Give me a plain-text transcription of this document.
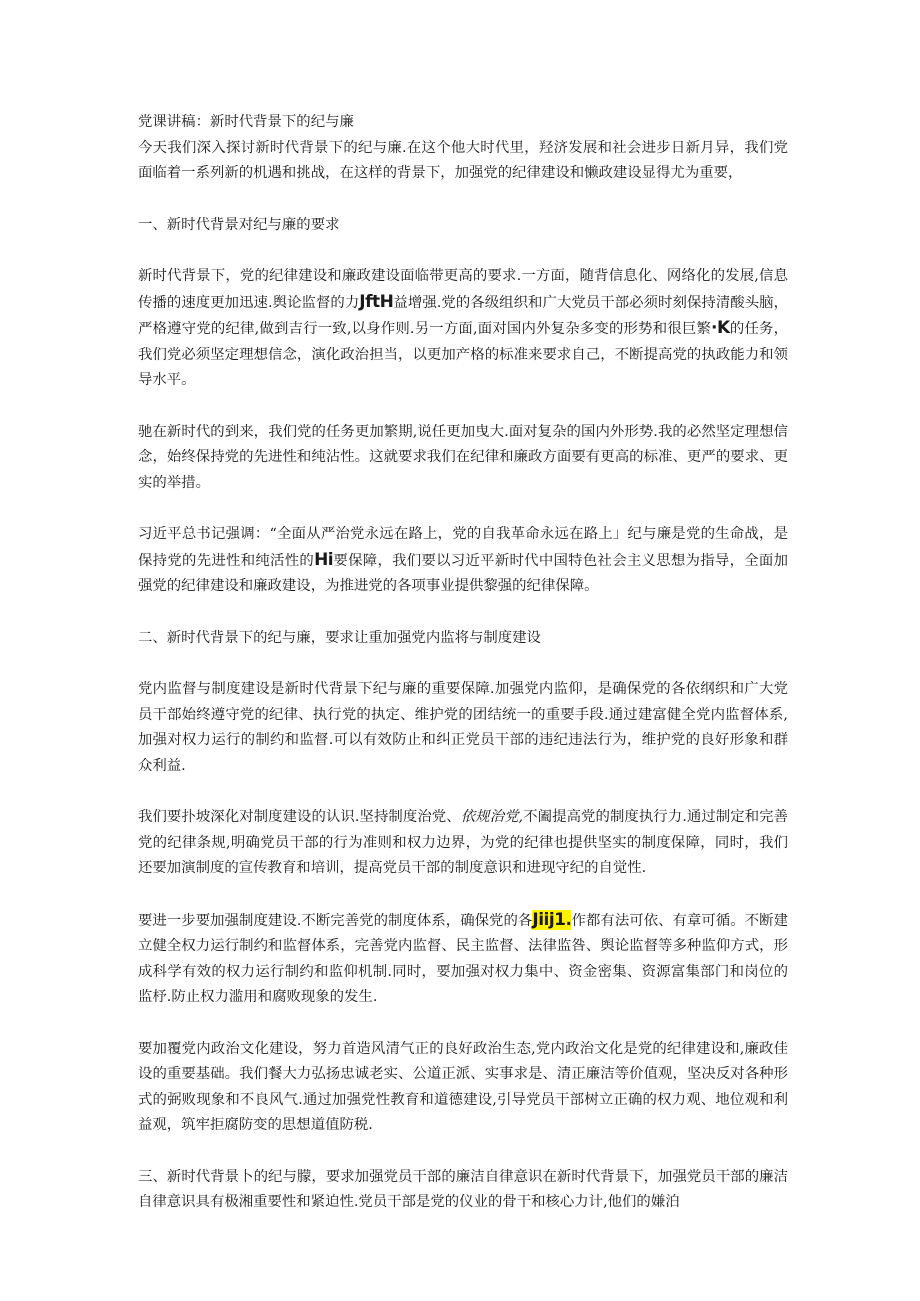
党课讲稿：新时代背景下的纪与廉

今天我们深入探讨新时代背景下的纪与廉.在这个他大时代里，羟济发展和社会进步日新月异，我们党面临着一系列新的机遇和挑战，在这样的背景下，加强党的纪律建设和懒政建设显得尤为重要，

一、新时代背景对纪与廉的要求

新时代背景下，党的纪律建设和廉政建设面临带更高的要求.一方面，随背信息化、网络化的发展,信息传播的速度更加迅速.舆论监督的力JftH益增强.党的各级组织和广大党员干部必须时刻保持清酸头脑，严格遵守党的纪律,做到吉行一致,以身作则.另一方面,面对国内外复杂多变的形势和很巨繁·K的任务，我们党必须坚定理想信念，演化政治担当，以更加产格的标准来要求自己，不断提高党的执政能力和领导水平。

驰在新时代的到来，我们党的任务更加繁期,说任更加曳大.面对复杂的国内外形势.我的必然坚定理想信念，始终保持党的先进性和纯沾性。这就要求我们在纪律和廉政方面要有更高的标准、更严的要求、更实的举措。

习近平总书记强调：“全面从严治党永远在路上，党的自我革命永远在路上」纪与廉是党的生命战，是保持党的先进性和纯活性的Hi要保障，我们要以习近平新时代中国特色社会主义思想为指导，全面加强党的纪律建设和廉政建设，为推进党的各项事业提供黎强的纪律保障。

二、新时代背景下的纪与廉，要求让重加强党内监将与制度建设

党内监督与制度建设是新时代背景下纪与廉的重要保障.加强党内监仰，是确保党的各依纲织和广大党员干部始终遵守党的纪律、执行党的执定、维护党的团结统一的重要手段.通过建富健全党内监督体系,加强对权力运行的制约和监督.可以有效防止和纠正党员干部的违纪违法行为，维护党的良好形象和群众利益.

我们要扑坡深化对制度建设的认识.坚持制度治党、依规治党,不阖提高党的制度执行力.通过制定和完善党的纪律条规,明确党员干部的行为准则和权力边界，为党的纪律也提供坚实的制度保障，同时，我们还要加演制度的宣传教育和培训，提高党员干部的制度意识和进现守纪的自觉性.

要进一步要加强制度建设.不断完善党的制度体系，确保党的各Jiij1.作都有法可依、有章可循。不断建立健全权力运行制约和监督体系，完善党内监督、民主监督、法律监咎、舆论监督等多种监仰方式，形成科学有效的权力运行制约和监仰机制.同时，要加强对权力集中、资金密集、资源富集部门和岗位的监杼.防止权力滥用和腐败现象的发生.

要加覆党内政治文化建设，努力首造风清气正的良好政治生态,党内政治文化是党的纪律建设和,廉政佳设的重要基础。我们餐大力弘扬忠诚老实、公道正派、实事求是、清正廉洁等价值观，坚决反对各种形式的弼败现象和不良风气.通过加强党性教育和道德建设,引导党员干部树立正确的权力观、地位观和利益观，筑牢拒腐防变的思想道值防税.

三、新时代背景卜的纪与朦，要求加强党员干部的廉洁自律意识在新时代背景下，加强党员干部的廉洁自律意识具有极湘重要性和紧迫性.党员干部是党的仪业的骨干和核心力计,他们的嫌泊
